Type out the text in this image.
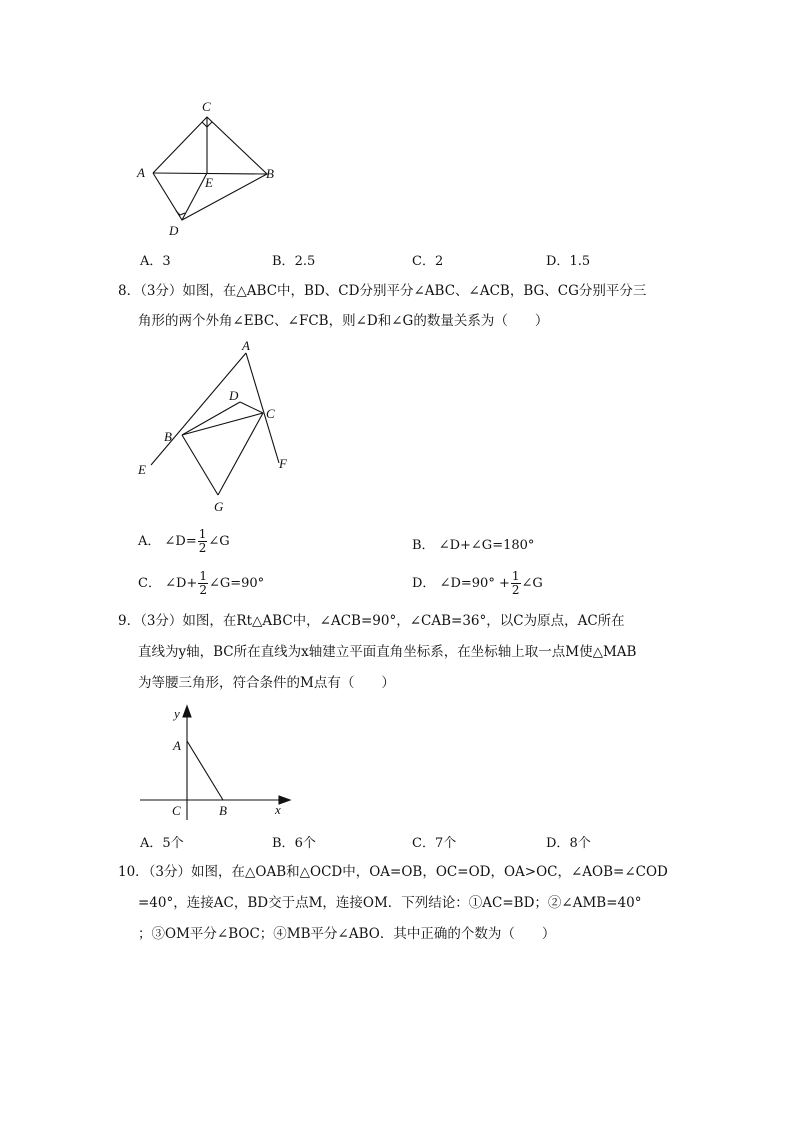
C
A
E
B
D
A．3	B．2.5	C．2	D．1.5
8．（3分）如图，在△ABC中，BD、CD分别平分∠ABC、∠ACB，BG、CG分别平分三
角形的两个外角∠EBC、∠FCB，则∠D和∠G的数量关系为（　　）
A
D
C
B
E	F
G
A． ∠D= $\frac{1}{2}$ ∠G	B． ∠D+∠G=180°
C． ∠D+ $\frac{1}{2}$ ∠G=90°	D． ∠D=90° + $\frac{1}{2}$ ∠G
9．（3分）如图，在Rt△ABC中，∠ACB=90°，∠CAB=36°，以C为原点，AC所在
直线为y轴，BC所在直线为x轴建立平面直角坐标系，在坐标轴上取一点M使△MAB
为等腰三角形，符合条件的M点有（　　）
y
A
C	B	x
A．5个	B．6个	C．7个	D．8个
10．（3分）如图，在△OAB和△OCD中，OA=OB，OC=OD，OA>OC，∠AOB=∠COD
=40°，连接AC，BD交于点M，连接OM．下列结论：①AC=BD；②∠AMB=40°
；③OM平分∠BOC；④MB平分∠ABO．其中正确的个数为（　　）
